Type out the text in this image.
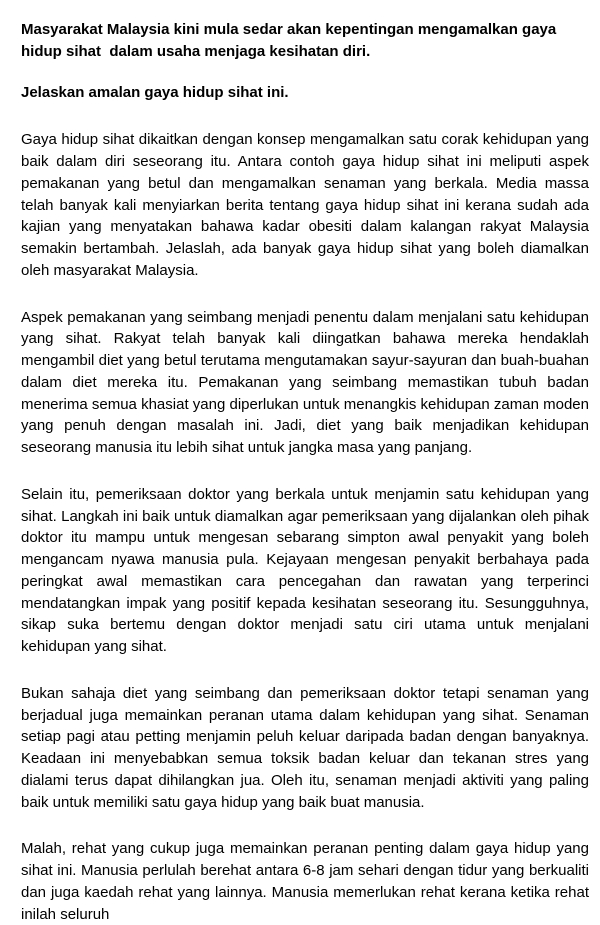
Masyarakat Malaysia kini mula sedar akan kepentingan mengamalkan gaya hidup sihat  dalam usaha menjaga kesihatan diri.

Jelaskan amalan gaya hidup sihat ini.

Gaya hidup sihat dikaitkan dengan konsep mengamalkan satu corak kehidupan yang baik dalam diri seseorang itu. Antara contoh gaya hidup sihat ini meliputi aspek pemakanan yang betul dan mengamalkan senaman yang berkala. Media massa telah banyak kali menyiarkan berita tentang gaya hidup sihat ini kerana sudah ada kajian yang menyatakan bahawa kadar obesiti dalam kalangan rakyat Malaysia semakin bertambah. Jelaslah, ada banyak gaya hidup sihat yang boleh diamalkan oleh masyarakat Malaysia.

Aspek pemakanan yang seimbang menjadi penentu dalam menjalani satu kehidupan yang sihat. Rakyat telah banyak kali diingatkan bahawa mereka hendaklah mengambil diet yang betul terutama mengutamakan sayur-sayuran dan buah-buahan dalam diet mereka itu. Pemakanan yang seimbang memastikan tubuh badan menerima semua khasiat yang diperlukan untuk menangkis kehidupan zaman moden yang penuh dengan masalah ini. Jadi, diet yang baik menjadikan kehidupan seseorang manusia itu lebih sihat untuk jangka masa yang panjang.

Selain itu, pemeriksaan doktor yang berkala untuk menjamin satu kehidupan yang sihat. Langkah ini baik untuk diamalkan agar pemeriksaan yang dijalankan oleh pihak doktor itu mampu untuk mengesan sebarang simpton awal penyakit yang boleh mengancam nyawa manusia pula. Kejayaan mengesan penyakit berbahaya pada peringkat awal memastikan cara pencegahan dan rawatan yang terperinci mendatangkan impak yang positif kepada kesihatan seseorang itu. Sesungguhnya, sikap suka bertemu dengan doktor menjadi satu ciri utama untuk menjalani kehidupan yang sihat.

Bukan sahaja diet yang seimbang dan pemeriksaan doktor tetapi senaman yang berjadual juga memainkan peranan utama dalam kehidupan yang sihat. Senaman setiap pagi atau petting menjamin peluh keluar daripada badan dengan banyaknya. Keadaan ini menyebabkan semua toksik badan keluar dan tekanan stres yang dialami terus dapat dihilangkan jua. Oleh itu, senaman menjadi aktiviti yang paling baik untuk memiliki satu gaya hidup yang baik buat manusia.

Malah, rehat yang cukup juga memainkan peranan penting dalam gaya hidup yang sihat ini. Manusia perlulah berehat antara 6-8 jam sehari dengan tidur yang berkualiti dan juga kaedah rehat yang lainnya. Manusia memerlukan rehat kerana ketika rehat inilah seluruh
